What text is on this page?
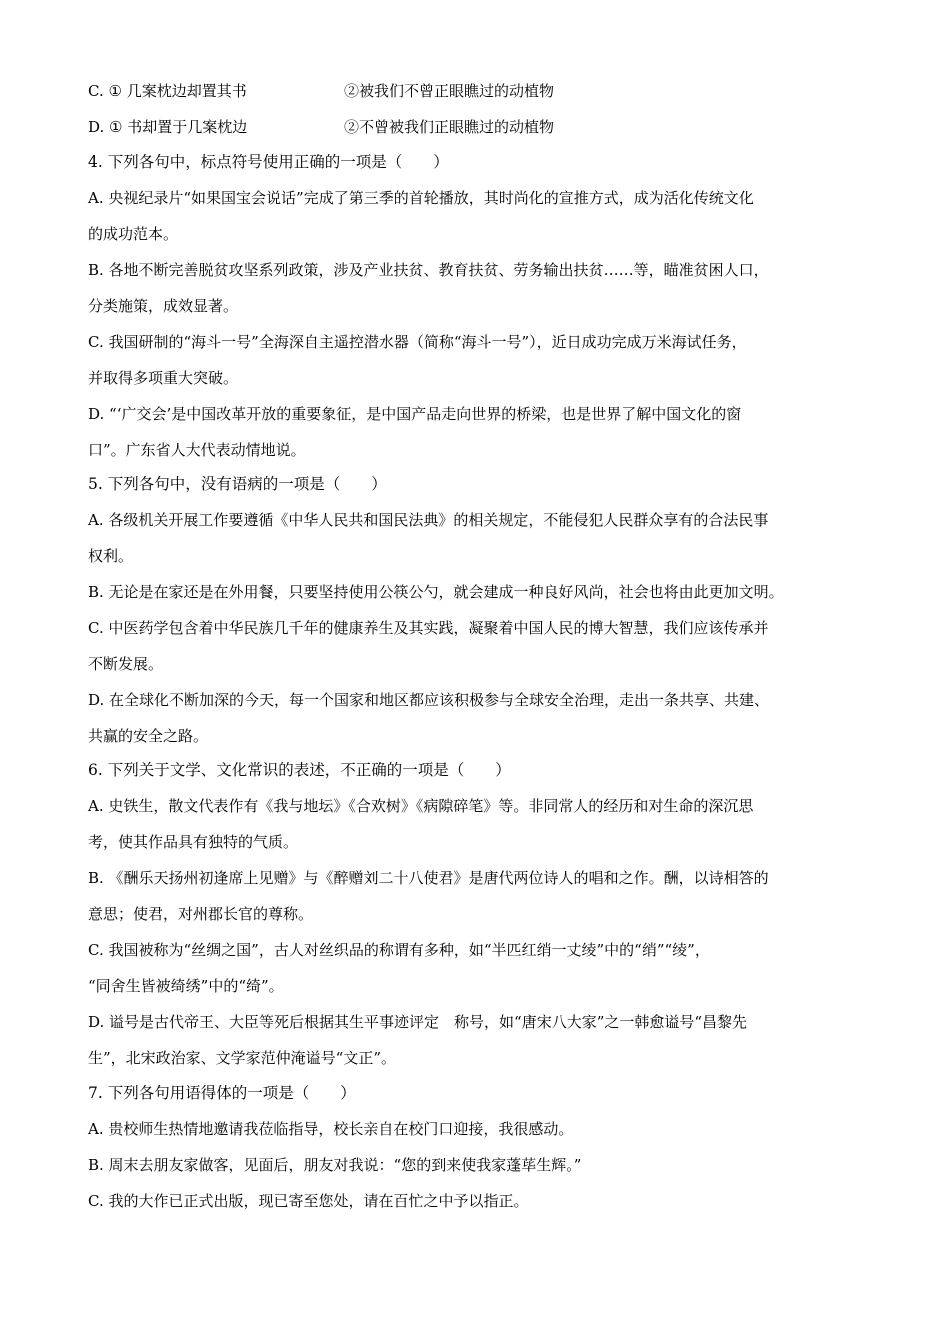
C. ① 几案枕边却置其书	②被我们不曾正眼瞧过的动植物
D. ① 书却置于几案枕边	②不曾被我们正眼瞧过的动植物
4. 下列各句中，标点符号使用正确的一项是（　　）
A. 央视纪录片“如果国宝会说话”完成了第三季的首轮播放，其时尚化的宣推方式，成为活化传统文化
的成功范本。
B. 各地不断完善脱贫攻坚系列政策，涉及产业扶贫、教育扶贫、劳务输出扶贫……等，瞄准贫困人口，
分类施策，成效显著。
C. 我国研制的“海斗一号”全海深自主遥控潜水器（简称“海斗一号”），近日成功完成万米海试任务，
并取得多项重大突破。
D. “‘广交会’是中国改革开放的重要象征，是中国产品走向世界的桥梁，也是世界了解中国文化的窗
口”。广东省人大代表动情地说。
5. 下列各句中，没有语病的一项是（　　）
A. 各级机关开展工作要遵循《中华人民共和国民法典》的相关规定，不能侵犯人民群众享有的合法民事
权利。
B. 无论是在家还是在外用餐，只要坚持使用公筷公勺，就会建成一种良好风尚，社会也将由此更加文明。
C. 中医药学包含着中华民族几千年的健康养生及其实践，凝聚着中国人民的博大智慧，我们应该传承并
不断发展。
D. 在全球化不断加深的今天，每一个国家和地区都应该积极参与全球安全治理，走出一条共享、共建、
共赢的安全之路。
6. 下列关于文学、文化常识的表述，不正确的一项是（　　）
A. 史铁生，散文代表作有《我与地坛》《合欢树》《病隙碎笔》等。非同常人的经历和对生命的深沉思
考，使其作品具有独特的气质。
B. 《酬乐天扬州初逢席上见赠》与《醉赠刘二十八使君》是唐代两位诗人的唱和之作。酬，以诗相答的
意思；使君，对州郡长官的尊称。
C. 我国被称为“丝绸之国”，古人对丝织品的称谓有多种，如“半匹红绡一丈绫”中的“绡”“绫”，
“同舍生皆被绮绣”中的“绮”。
D. 谥号是古代帝王、大臣等死后根据其生平事迹评定　称号，如“唐宋八大家”之一韩愈谥号“昌黎先
生”，北宋政治家、文学家范仲淹谥号“文正”。
7. 下列各句用语得体的一项是（　　）
A. 贵校师生热情地邀请我莅临指导，校长亲自在校门口迎接，我很感动。
B. 周末去朋友家做客，见面后，朋友对我说：“您的到来使我家蓬荜生辉。”
C. 我的大作已正式出版，现已寄至您处，请在百忙之中予以指正。
